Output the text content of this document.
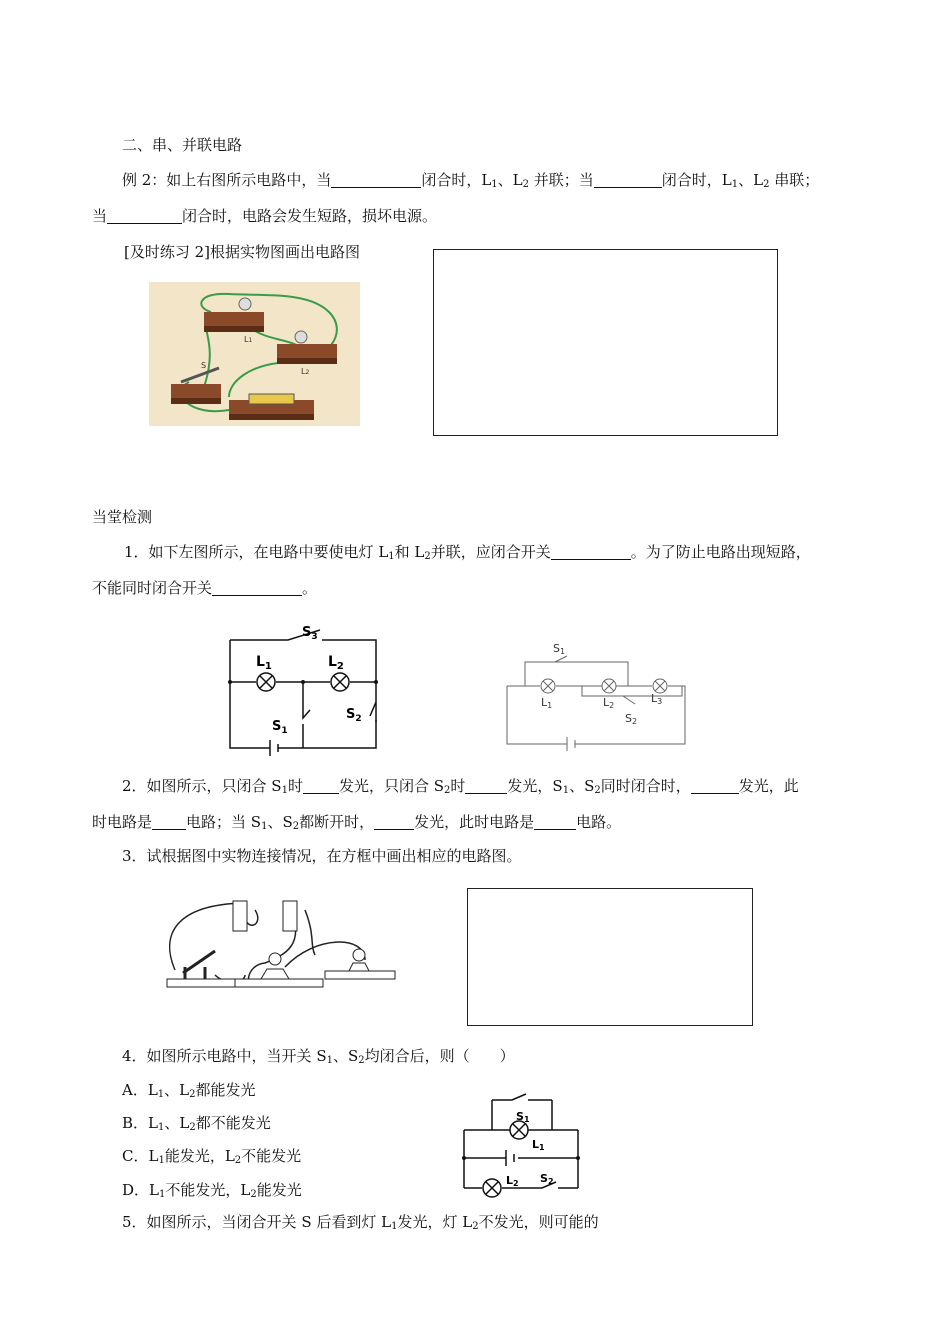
二、串、并联电路
例 2：如上右图所示电路中，当	闭合时，$L_1$、$L_2$ 并联；当	闭合时，$L_1$、$L_2$ 串联；
当	闭合时，电路会发生短路，损坏电源。
[及时练习 2]根据实物图画出电路图
L1
L2
S
当堂检测
1．如下左图所示，在电路中要使电灯 $L_1$和 $L_2$并联，应闭合开关	。为了防止电路出现短路，
不能同时闭合开关	。
$S_3$
$L_1$	$L_2$
$S_1$
$S_2$
S1
L1	L2
L3
S2
2．如图所示，只闭合 $S_1$时 发光，只闭合 $S_2$时	发光，$S_1$、$S_2$同时闭合时，	发光，此
时电路是 电路；当 $S_1$、$S_2$都断开时，	发光，此时电路是	电路。
3．试根据图中实物连接情况，在方框中画出相应的电路图。
4．如图所示电路中，当开关 $S_1$、$S_2$均闭合后，则（　　）
A．$L_1$、$L_2$都能发光
B．$L_1$、$L_2$都不能发光
C．$L_1$能发光，$L_2$不能发光
D．$L_1$不能发光，$L_2$能发光
S1
L1
L2 S2
5．如图所示，当闭合开关 S 后看到灯 $L_1$发光，灯 $L_2$不发光，则可能的
